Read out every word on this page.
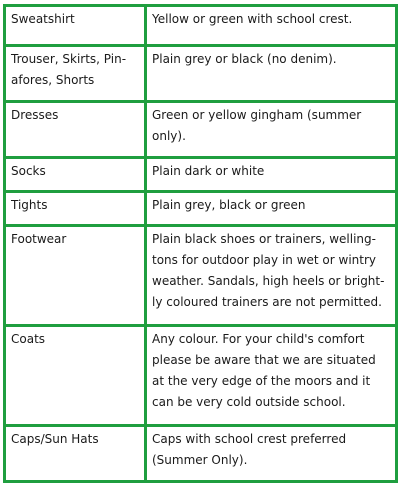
Sweatshirt	Yellow or green with school crest.
Trouser, Skirts, Pin-afores, Shorts	Plain grey or black (no denim).
Dresses	Green or yellow gingham (summer only).
Socks	Plain dark or white
Tights	Plain grey, black or green
Footwear	Plain black shoes or trainers, welling-tons for outdoor play in wet or wintry weather. Sandals, high heels or bright-ly coloured trainers are not permitted.
Coats	Any colour. For your child's comfort please be aware that we are situated at the very edge of the moors and it can be very cold outside school.
Caps/Sun Hats	Caps with school crest preferred (Summer Only).
